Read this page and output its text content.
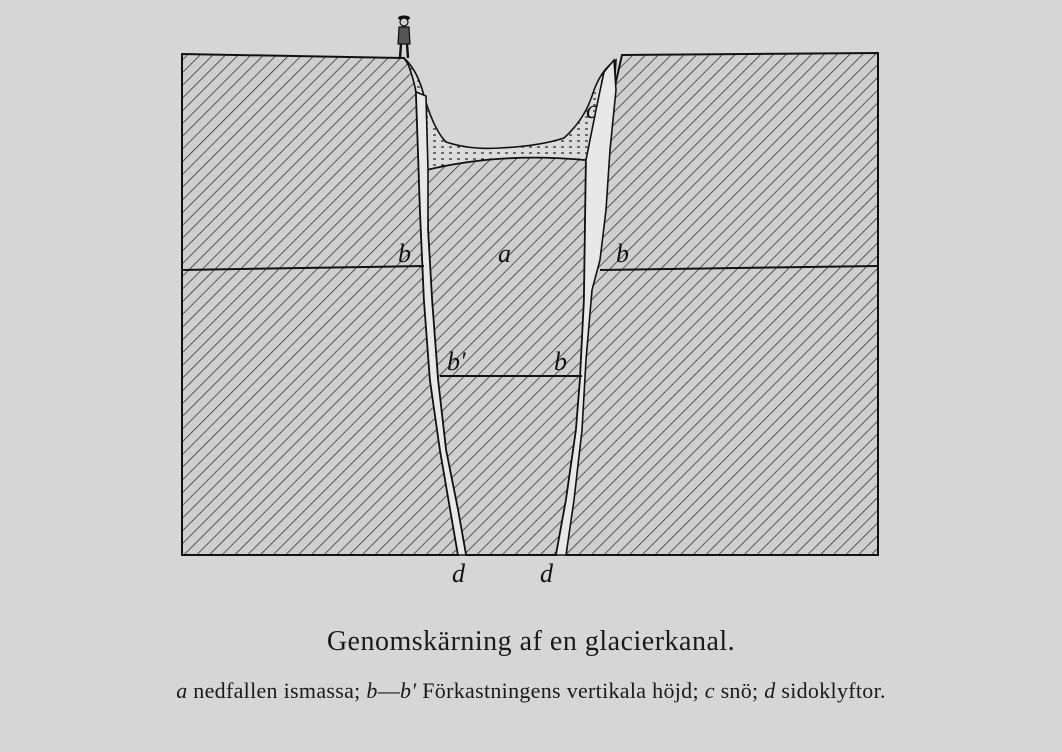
a
b	b
b′	b
c
d	d
Genomskärning af en glacierkanal.
a nedfallen ismassa; b—b′ Förkastningens vertikala höjd; c snö; d sidoklyftor.
